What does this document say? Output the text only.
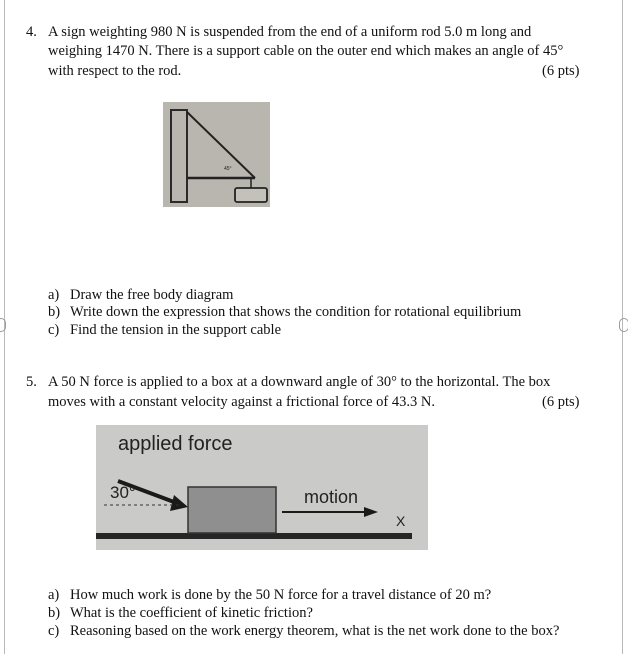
4. A sign weighting 980 N is suspended from the end of a uniform rod 5.0 m long and
weighing 1470 N. There is a support cable on the outer end which makes an angle of 45°
with respect to the rod.	(6 pts)
45°
a) Draw the free body diagram
b) Write down the expression that shows the condition for rotational equilibrium
c) Find the tension in the support cable
5. A 50 N force is applied to a box at a downward angle of 30° to the horizontal. The box
moves with a constant velocity against a frictional force of 43.3 N.	(6 pts)
applied force
30°	motion
X
a) How much work is done by the 50 N force for a travel distance of 20 m?
b) What is the coefficient of kinetic friction?
c) Reasoning based on the work energy theorem, what is the net work done to the box?
